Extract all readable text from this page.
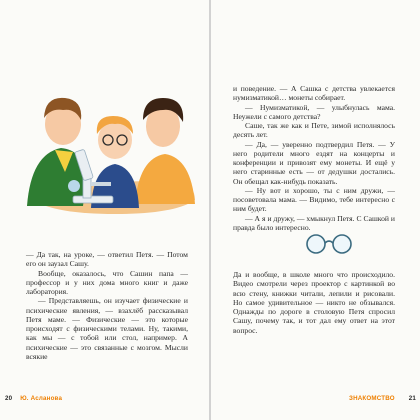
— Да так, на уроке, — ответил Петя. — Потом его он заузал Сашу.

Вообще, оказалось, что Сашин папа — профессор и у них дома много книг и даже лаборатория.

— Представляешь, он изучает физические и психические явления, — взахлёб рассказывал Петя маме. — Физические — это которые происходят с физическими телами. Ну, такими, как мы — с тобой или стол, например. А психические — это связанные с мозгом. Мысли всякие

20 Ю. Асланова

и поведение. — А Сашка с детства увлекается нумизматикой… монеты собирает.

— Нумизматикой, — улыбнулась мама. Неужели с самого детства?

Саше, так же как и Пете, зимой исполнялось десять лет.

— Да, — уверенно подтвердил Петя. — У него родители много ездят на концерты и конференции и привозят ему монеты. И ещё у него старинные есть — от дедушки достались. Он обещал как-нибудь показать.

— Ну вот и хорошо, ты с ним дружи, — посоветовала мама. — Видимо, тебе интересно с ним будет.

— А я и дружу, — хмыкнул Петя. С Сашкой и правда было интересно.

Да и вообще, в школе много что происходило. Видео смотрели через проектор с картинкой во всю стену, книжки читали, лепили и рисовали. Но самое удивительное — никто не обзывался. Однажды по дороге в столовую Петя спросил Сашу, почему так, и тот дал ему ответ на этот вопрос.

ЗНАКОМСТВО 21
